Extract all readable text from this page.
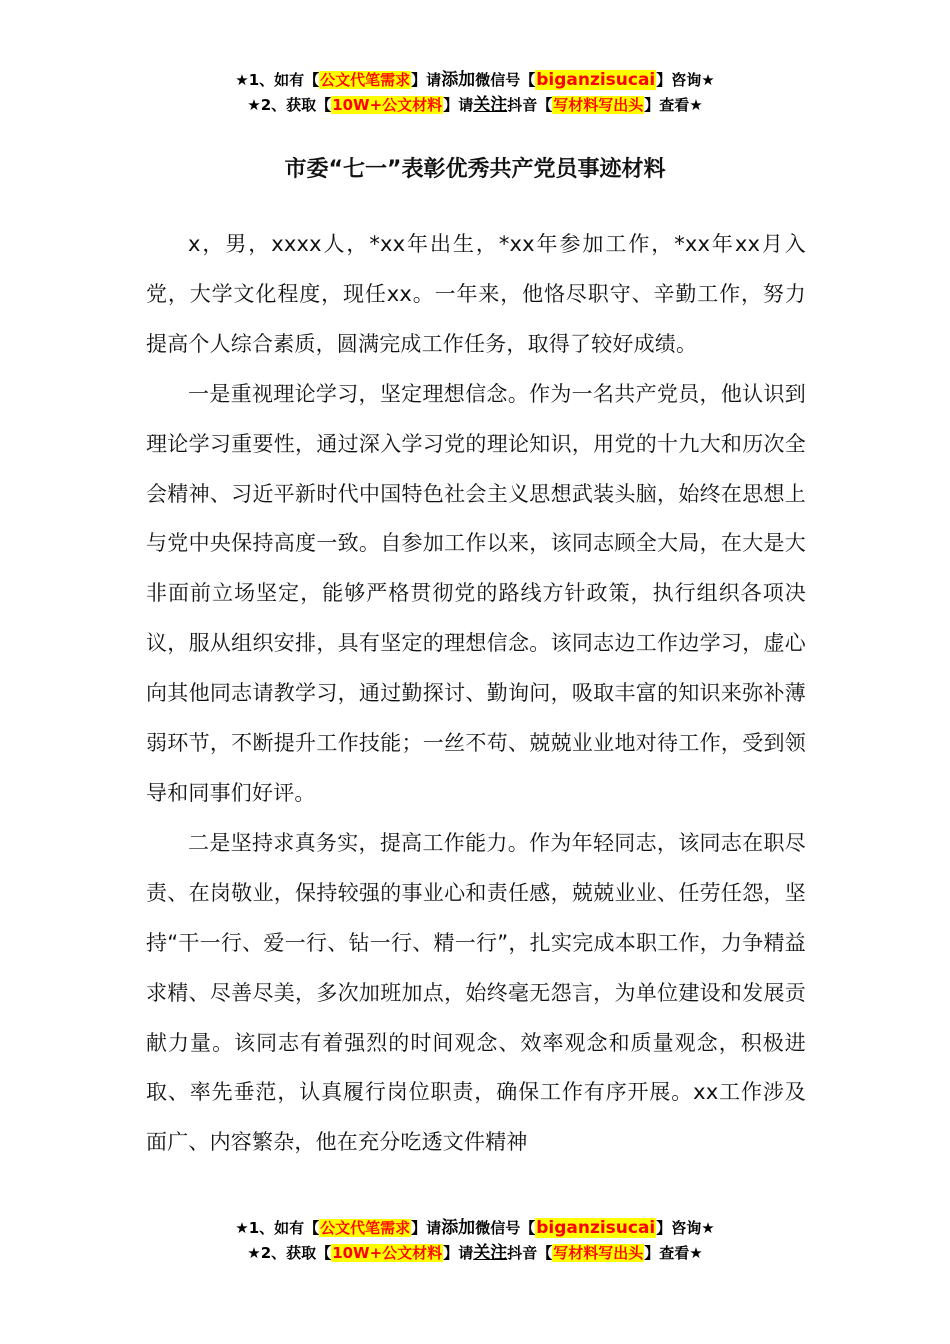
★1、如有【公文代笔需求】请添加微信号【biganzisucai】咨询★
★2、获取【10W+公文材料】请关注抖音【写材料写出头】查看★
市委“七一”表彰优秀共产党员事迹材料

x，男，xxxx人，*xx年出生，*xx年参加工作，*xx年xx月入党，大学文化程度，现任xx。一年来，他恪尽职守、辛勤工作，努力提高个人综合素质，圆满完成工作任务，取得了较好成绩。

一是重视理论学习，坚定理想信念。作为一名共产党员，他认识到理论学习重要性，通过深入学习党的理论知识，用党的十九大和历次全会精神、习近平新时代中国特色社会主义思想武装头脑，始终在思想上与党中央保持高度一致。自参加工作以来，该同志顾全大局，在大是大非面前立场坚定，能够严格贯彻党的路线方针政策，执行组织各项决议，服从组织安排，具有坚定的理想信念。该同志边工作边学习，虚心向其他同志请教学习，通过勤探讨、勤询问，吸取丰富的知识来弥补薄弱环节，不断提升工作技能；一丝不苟、兢兢业业地对待工作，受到领导和同事们好评。

二是坚持求真务实，提高工作能力。作为年轻同志，该同志在职尽责、在岗敬业，保持较强的事业心和责任感，兢兢业业、任劳任怨，坚持“干一行、爱一行、钻一行、精一行”，扎实完成本职工作，力争精益求精、尽善尽美，多次加班加点，始终毫无怨言，为单位建设和发展贡献力量。该同志有着强烈的时间观念、效率观念和质量观念，积极进取、率先垂范，认真履行岗位职责，确保工作有序开展。xx工作涉及面广、内容繁杂，他在充分吃透文件精神

★1、如有【公文代笔需求】请添加微信号【biganzisucai】咨询★
★2、获取【10W+公文材料】请关注抖音【写材料写出头】查看★
